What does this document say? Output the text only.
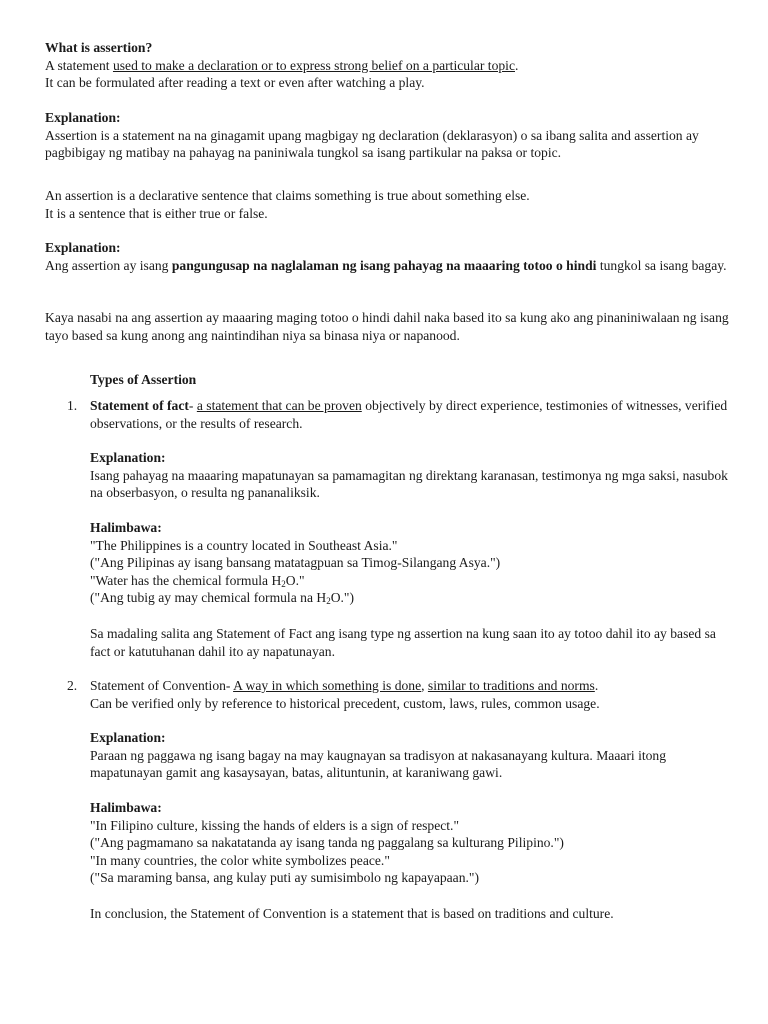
What is assertion?

A statement used to make a declaration or to express strong belief on a particular topic.

It can be formulated after reading a text or even after watching a play.

Explanation:

Assertion is a statement na na ginagamit upang magbigay ng declaration (deklarasyon) o sa ibang salita and assertion ay pagbibigay ng matibay na pahayag na paniniwala tungkol sa isang partikular na paksa or topic.

An assertion is a declarative sentence that claims something is true about something else.

It is a sentence that is either true or false.

Explanation:

Ang assertion ay isang pangungusap na naglalaman ng isang pahayag na maaaring totoo o hindi tungkol sa isang bagay.

Kaya nasabi na ang assertion ay maaaring maging totoo o hindi dahil naka based ito sa kung ako ang pinaniniwalaan ng isang tayo based sa kung anong ang naintindihan niya sa binasa niya or napanood.

Types of Assertion

1. Statement of fact- a statement that can be proven objectively by direct experience, testimonies of witnesses, verified observations, or the results of research.

Explanation:

Isang pahayag na maaaring mapatunayan sa pamamagitan ng direktang karanasan, testimonya ng mga saksi, nasubok na obserbasyon, o resulta ng pananaliksik.

Halimbawa:

"The Philippines is a country located in Southeast Asia."

("Ang Pilipinas ay isang bansang matatagpuan sa Timog-Silangang Asya.")

"Water has the chemical formula $H_2O$."

("Ang tubig ay may chemical formula na $H_2O$.")

Sa madaling salita ang Statement of Fact ang isang type ng assertion na kung saan ito ay totoo dahil ito ay based sa fact or katutuhanan dahil ito ay napatunayan.

2. Statement of Convention- A way in which something is done, similar to traditions and norms.

Can be verified only by reference to historical precedent, custom, laws, rules, common usage.

Explanation:

Paraan ng paggawa ng isang bagay na may kaugnayan sa tradisyon at nakasanayang kultura. Maaari itong mapatunayan gamit ang kasaysayan, batas, alituntunin, at karaniwang gawi.

Halimbawa:

"In Filipino culture, kissing the hands of elders is a sign of respect."

("Ang pagmamano sa nakatatanda ay isang tanda ng paggalang sa kulturang Pilipino.")

"In many countries, the color white symbolizes peace."

("Sa maraming bansa, ang kulay puti ay sumisimbolo ng kapayapaan.")

In conclusion, the Statement of Convention is a statement that is based on traditions and culture.
